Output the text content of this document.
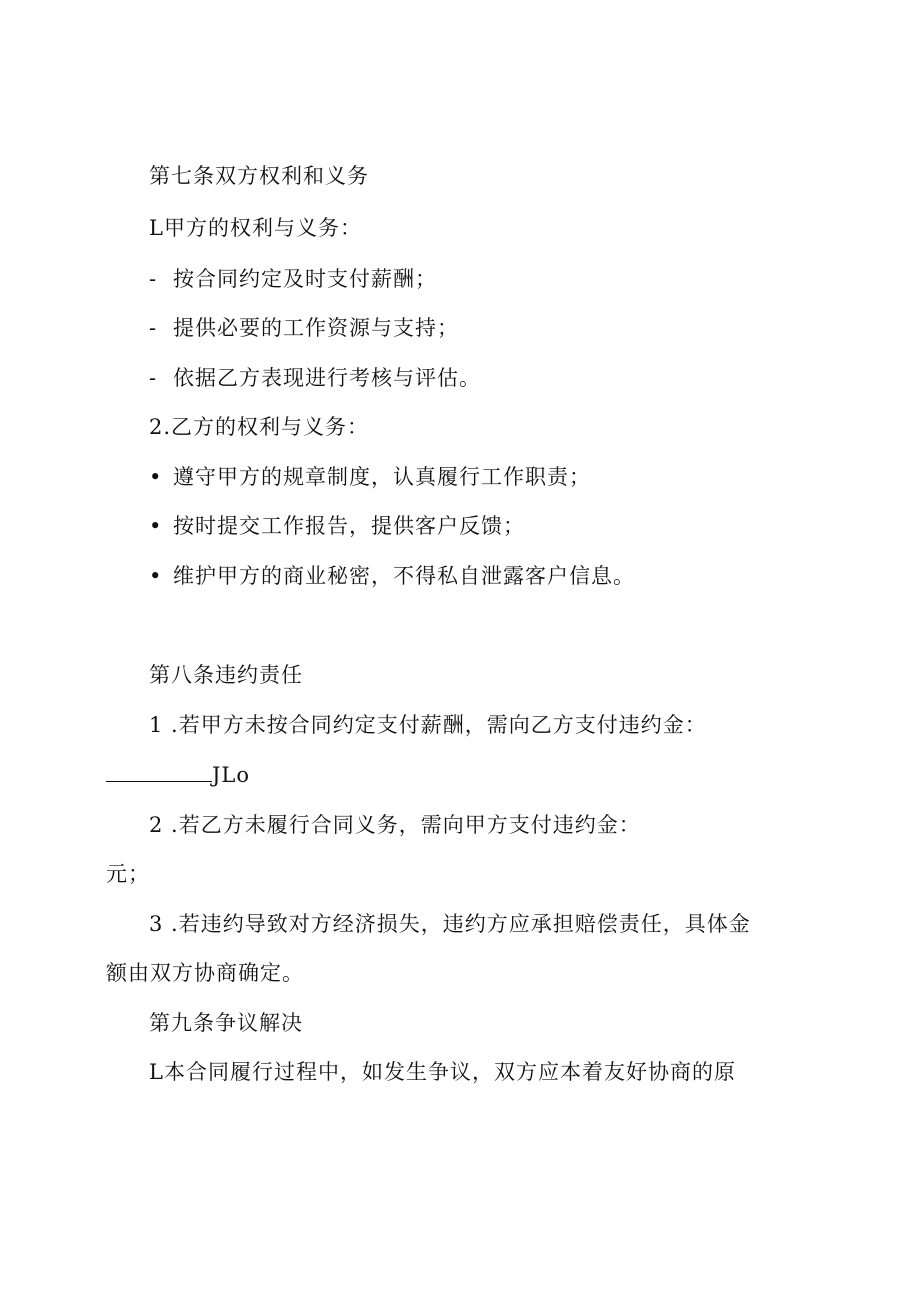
第七条双方权利和义务
L甲方的权利与义务：
- 按合同约定及时支付薪酬；
- 提供必要的工作资源与支持；
- 依据乙方表现进行考核与评估。
2.乙方的权利与义务：
• 遵守甲方的规章制度，认真履行工作职责；
• 按时提交工作报告，提供客户反馈；
• 维护甲方的商业秘密，不得私自泄露客户信息。
第八条违约责任
1 .若甲方未按合同约定支付薪酬，需向乙方支付违约金：
JLo
2 .若乙方未履行合同义务，需向甲方支付违约金：
元；
3 .若违约导致对方经济损失，违约方应承担赔偿责任，具体金
额由双方协商确定。
第九条争议解决
L本合同履行过程中，如发生争议，双方应本着友好协商的原
